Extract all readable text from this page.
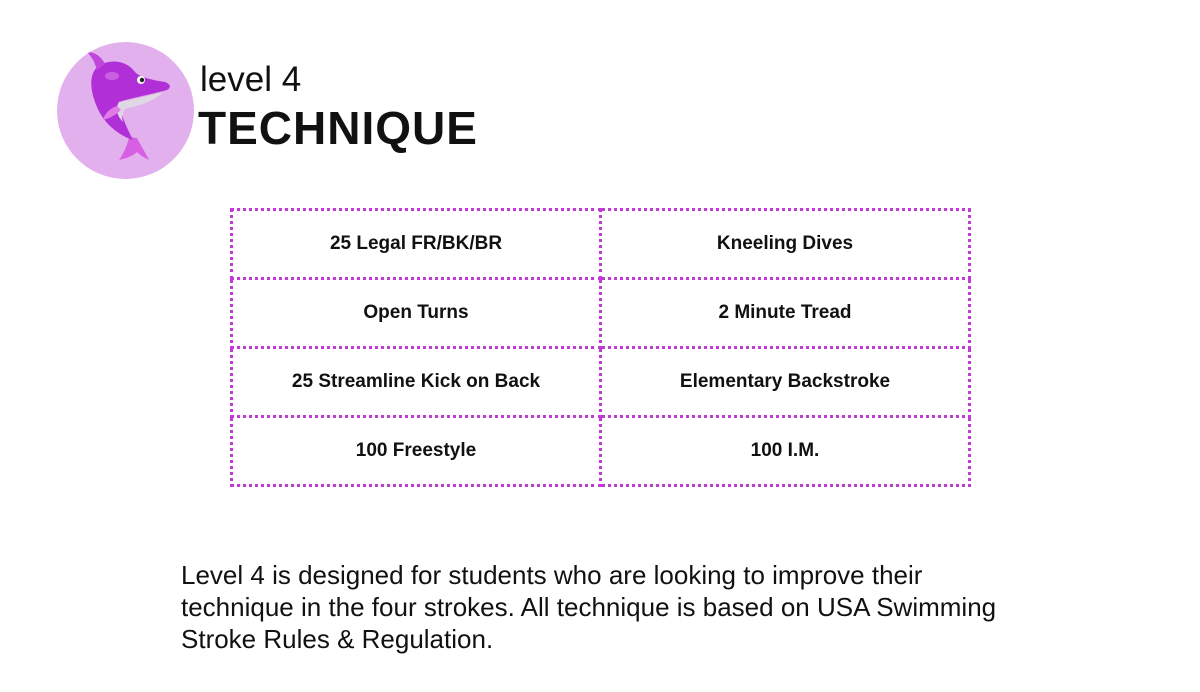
level 4
TECHNIQUE
25 Legal FR/BK/BR	Kneeling Dives
Open Turns	2 Minute Tread
25 Streamline Kick on Back	Elementary Backstroke
100 Freestyle	100 I.M.

Level 4 is designed for students who are looking to improve their technique in the four strokes. All technique is based on USA Swimming Stroke Rules & Regulation.
